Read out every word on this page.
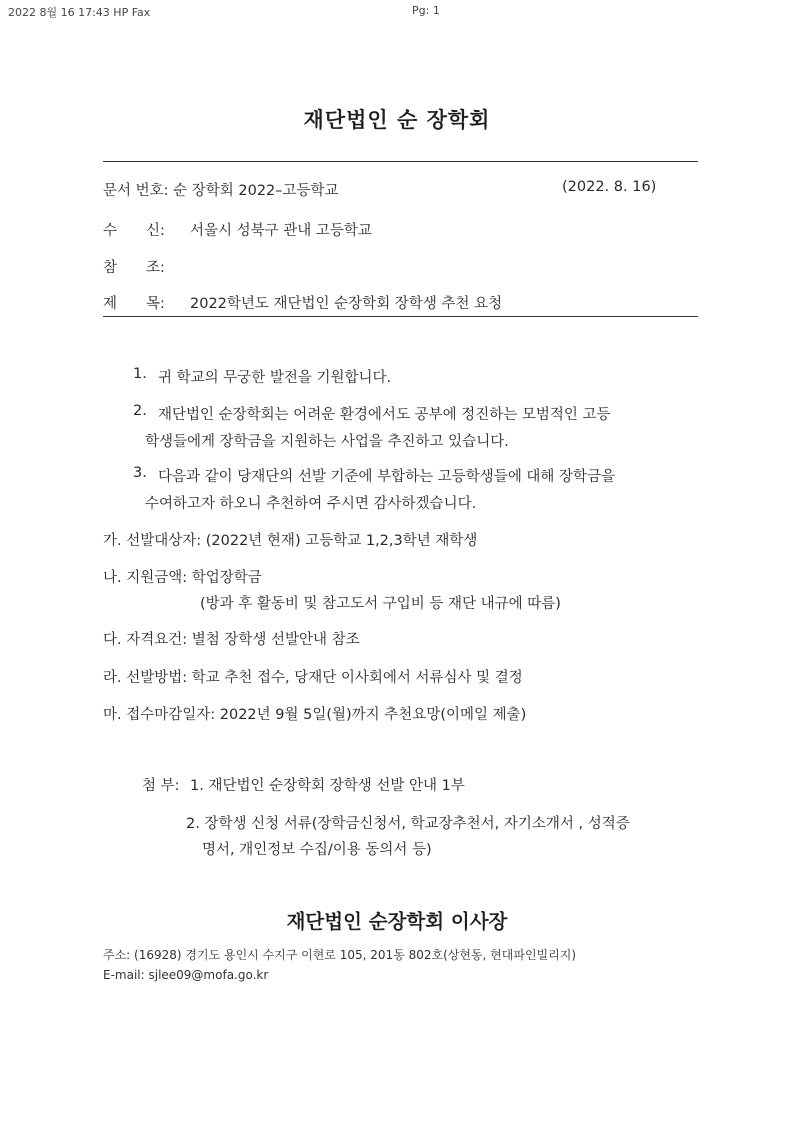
2022 8월 16 17:43 HP Fax	Pg: 1
재단법인 순 장학회
문서 번호: 순 장학회 2022–고등학교	(2022. 8. 16)
수　　신: 서울시 성북구 관내 고등학교
참　　조:
제　　목: 2022학년도 재단법인 순장학회 장학생 추천 요청
1. 귀 학교의 무궁한 발전을 기원합니다.
2. 재단법인 순장학회는 어려운 환경에서도 공부에 정진하는 모범적인 고등
학생들에게 장학금을 지원하는 사업을 추진하고 있습니다.
3. 다음과 같이 당재단의 선발 기준에 부합하는 고등학생들에 대해 장학금을
수여하고자 하오니 추천하여 주시면 감사하겠습니다.
가. 선발대상자: (2022년 현재) 고등학교 1,2,3학년 재학생
나. 지원금액: 학업장학금
(방과 후 활동비 및 참고도서 구입비 등 재단 내규에 따름)
다. 자격요건: 별첨 장학생 선발안내 참조
라. 선발방법: 학교 추천 접수, 당재단 이사회에서 서류심사 및 결정
마. 접수마감일자: 2022년 9월 5일(월)까지 추천요망(이메일 제출)
첨 부: 1. 재단법인 순장학회 장학생 선발 안내 1부
2. 장학생 신청 서류(장학금신청서, 학교장추천서, 자기소개서 , 성적증
명서, 개인정보 수집/이용 동의서 등)
재단법인 순장학회 이사장
주소: (16928) 경기도 용인시 수지구 이현로 105, 201동 802호(상현동, 현대파인빌리지)
E-mail: sjlee09@mofa.go.kr
